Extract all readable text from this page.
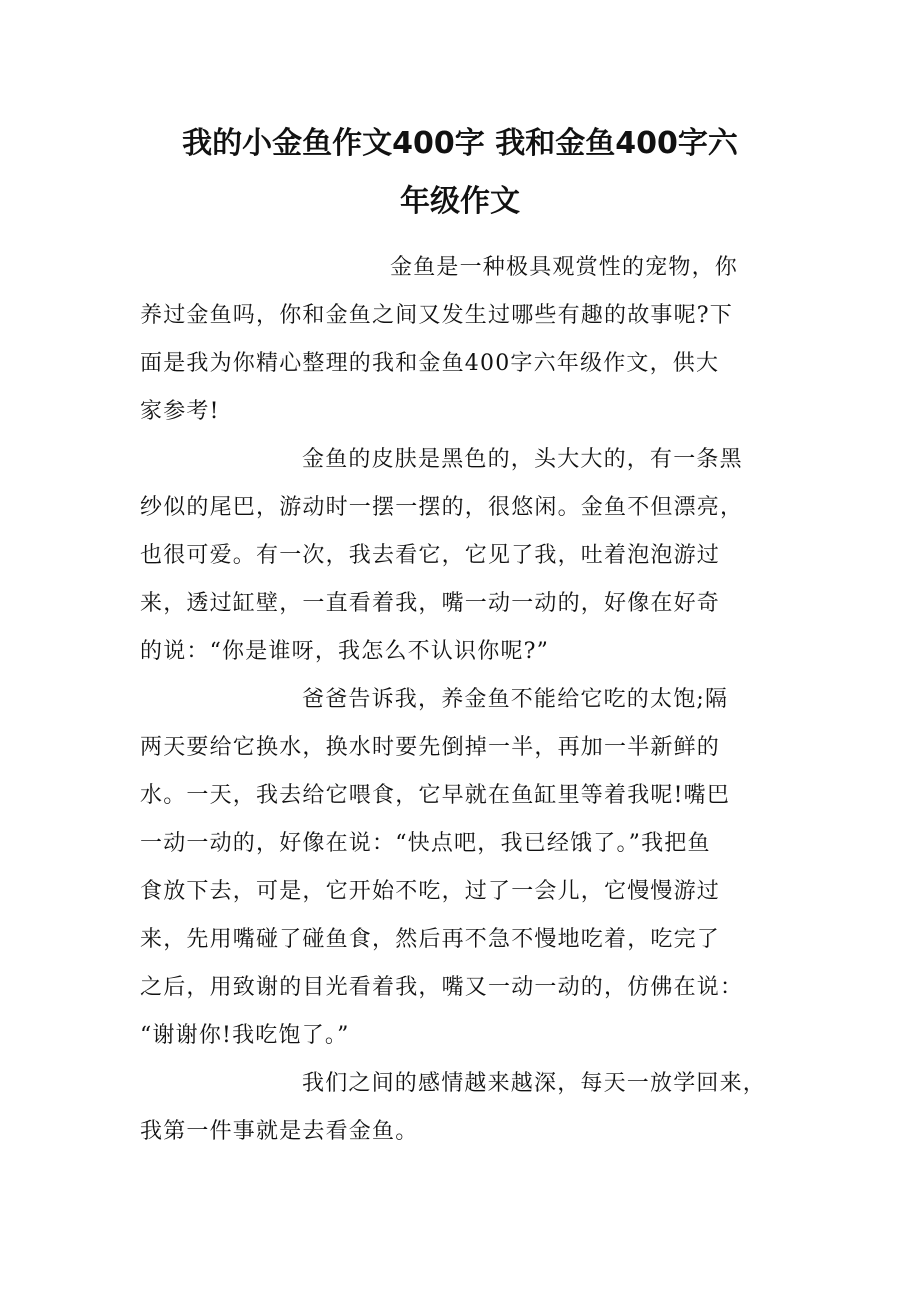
我的小金鱼作文400字 我和金鱼400字六
年级作文
金鱼是一种极具观赏性的宠物，你
养过金鱼吗，你和金鱼之间又发生过哪些有趣的故事呢?下
面是我为你精心整理的我和金鱼400字六年级作文，供大
家参考!
金鱼的皮肤是黑色的，头大大的，有一条黑
纱似的尾巴，游动时一摆一摆的，很悠闲。金鱼不但漂亮，
也很可爱。有一次，我去看它，它见了我，吐着泡泡游过
来，透过缸壁，一直看着我，嘴一动一动的，好像在好奇
的说：“你是谁呀，我怎么不认识你呢?”
爸爸告诉我，养金鱼不能给它吃的太饱;隔
两天要给它换水，换水时要先倒掉一半，再加一半新鲜的
水。一天，我去给它喂食，它早就在鱼缸里等着我呢!嘴巴
一动一动的，好像在说：“快点吧，我已经饿了。”我把鱼
食放下去，可是，它开始不吃，过了一会儿，它慢慢游过
来，先用嘴碰了碰鱼食，然后再不急不慢地吃着，吃完了
之后，用致谢的目光看着我，嘴又一动一动的，仿佛在说：
“谢谢你!我吃饱了。”
我们之间的感情越来越深，每天一放学回来，
我第一件事就是去看金鱼。
